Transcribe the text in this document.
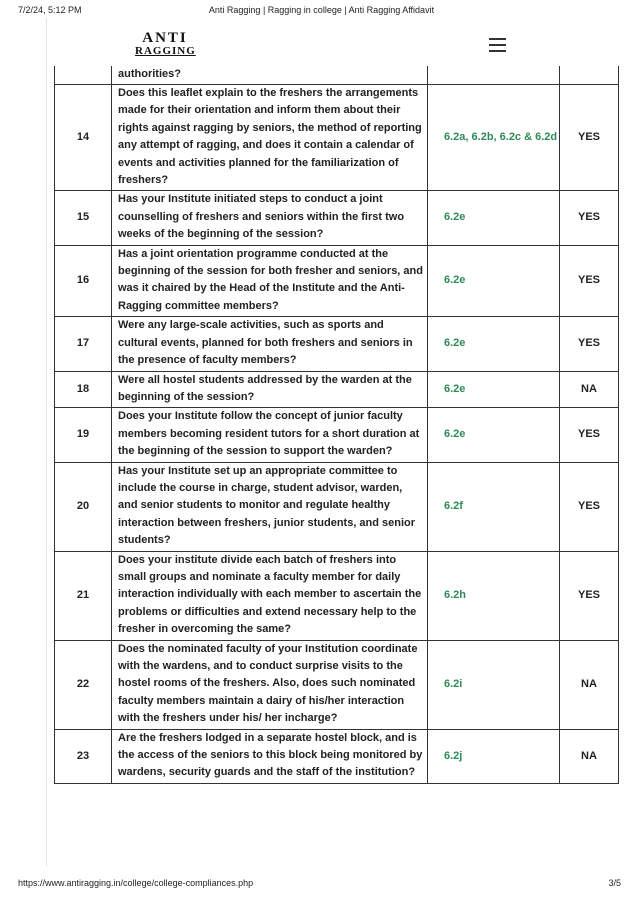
7/2/24, 5:12 PM	Anti Ragging | Ragging in college | Anti Ragging Affidavit
ANTI
RAGGING
	authorities?		
14	Does this leaflet explain to the freshers the arrangements made for their orientation and inform them about their rights against ragging by seniors, the method of reporting any attempt of ragging, and does it contain a calendar of events and activities planned for the familiarization of freshers?	6.2a, 6.2b, 6.2c & 6.2d	YES
15	Has your Institute initiated steps to conduct a joint counselling of freshers and seniors within the first two weeks of the beginning of the session?	6.2e	YES
16	Has a joint orientation programme conducted at the beginning of the session for both fresher and seniors, and was it chaired by the Head of the Institute and the Anti-Ragging committee members?	6.2e	YES
17	Were any large-scale activities, such as sports and cultural events, planned for both freshers and seniors in the presence of faculty members?	6.2e	YES
18	Were all hostel students addressed by the warden at the beginning of the session?	6.2e	NA
19	Does your Institute follow the concept of junior faculty members becoming resident tutors for a short duration at the beginning of the session to support the warden?	6.2e	YES
20	Has your Institute set up an appropriate committee to include the course in charge, student advisor, warden, and senior students to monitor and regulate healthy interaction between freshers, junior students, and senior students?	6.2f	YES
21	Does your institute divide each batch of freshers into small groups and nominate a faculty member for daily interaction individually with each member to ascertain the problems or difficulties and extend necessary help to the fresher in overcoming the same?	6.2h	YES
22	Does the nominated faculty of your Institution coordinate with the wardens, and to conduct surprise visits to the hostel rooms of the freshers. Also, does such nominated faculty members maintain a dairy of his/her interaction with the freshers under his/ her incharge?	6.2i	NA
23	Are the freshers lodged in a separate hostel block, and is the access of the seniors to this block being monitored by wardens, security guards and the staff of the institution?	6.2j	NA
https://www.antiragging.in/college/college-compliances.php	3/5
